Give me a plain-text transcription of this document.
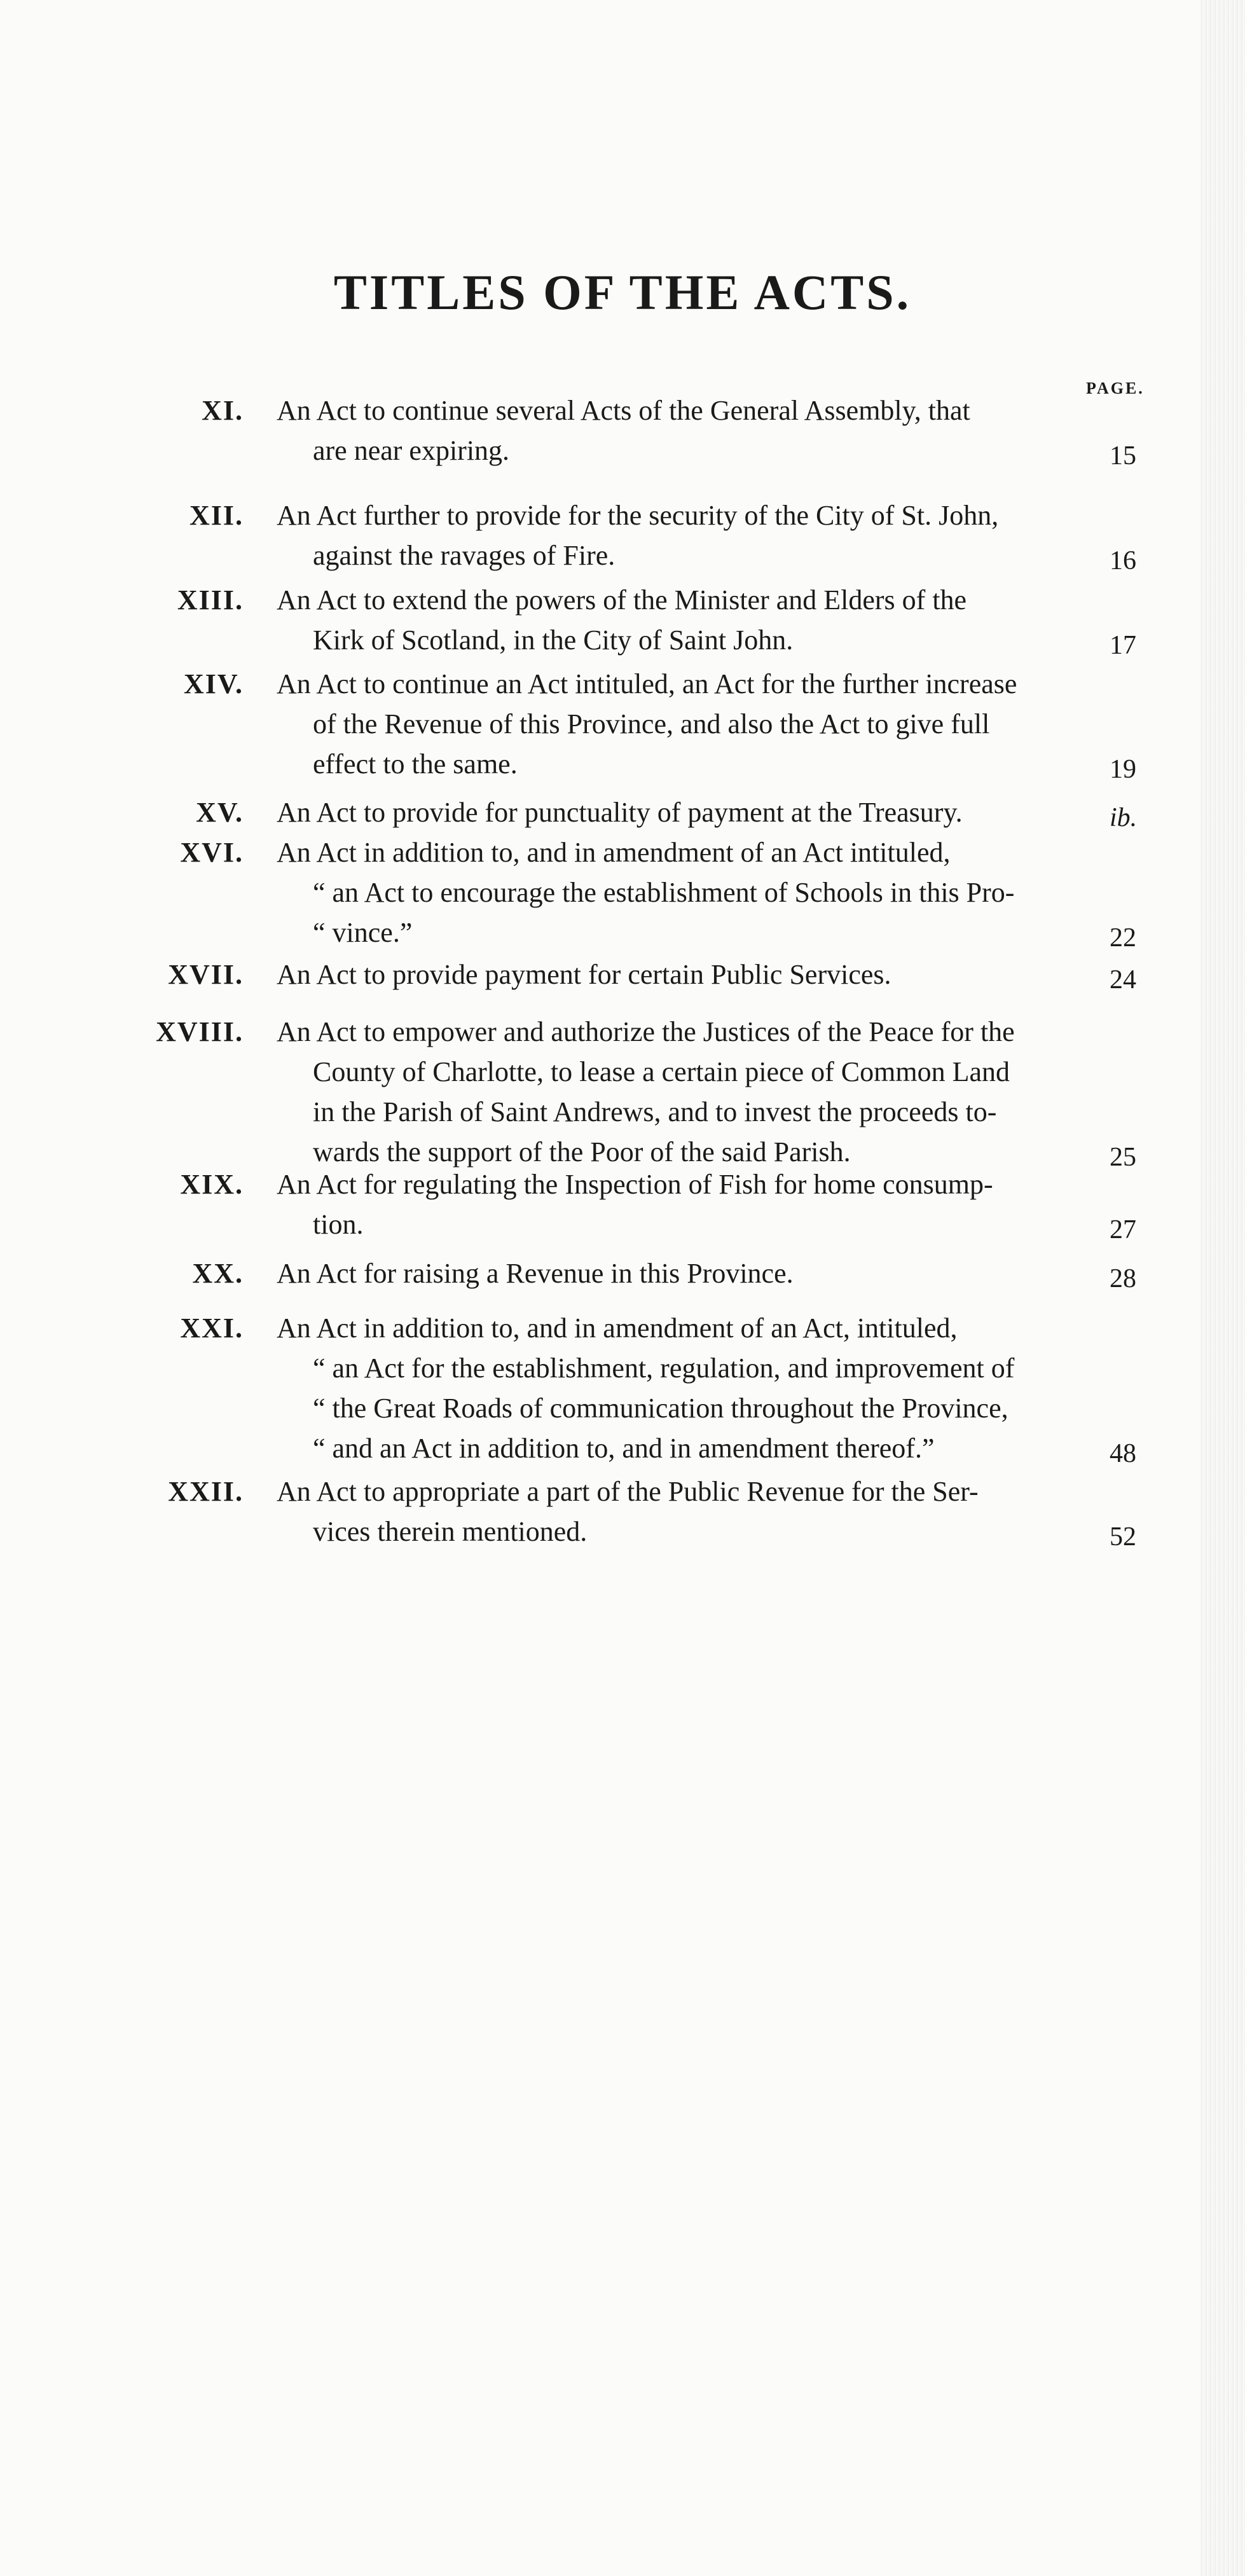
TITLES OF THE ACTS.
PAGE.
XI. An Act to continue several Acts of the General Assembly, that
are near expiring.	15
XII. An Act further to provide for the security of the City of St. John,
against the ravages of Fire.	16
XIII. An Act to extend the powers of the Minister and Elders of the
Kirk of Scotland, in the City of Saint John.	17
XIV. An Act to continue an Act intituled, an Act for the further increase
of the Revenue of this Province, and also the Act to give full
effect to the same.	19
XV. An Act to provide for punctuality of payment at the Treasury.	ib.
XVI. An Act in addition to, and in amendment of an Act intituled,
“ an Act to encourage the establishment of Schools in this Pro-
“ vince.”	22
XVII. An Act to provide payment for certain Public Services.	24
XVIII. An Act to empower and authorize the Justices of the Peace for the
County of Charlotte, to lease a certain piece of Common Land
in the Parish of Saint Andrews, and to invest the proceeds to-
wards the support of the Poor of the said Parish.	25
XIX. An Act for regulating the Inspection of Fish for home consump-
tion.	27
XX. An Act for raising a Revenue in this Province.	28
XXI. An Act in addition to, and in amendment of an Act, intituled,
“ an Act for the establishment, regulation, and improvement of
“ the Great Roads of communication throughout the Province,
“ and an Act in addition to, and in amendment thereof.”	48
XXII. An Act to appropriate a part of the Public Revenue for the Ser-
vices therein mentioned.	52
